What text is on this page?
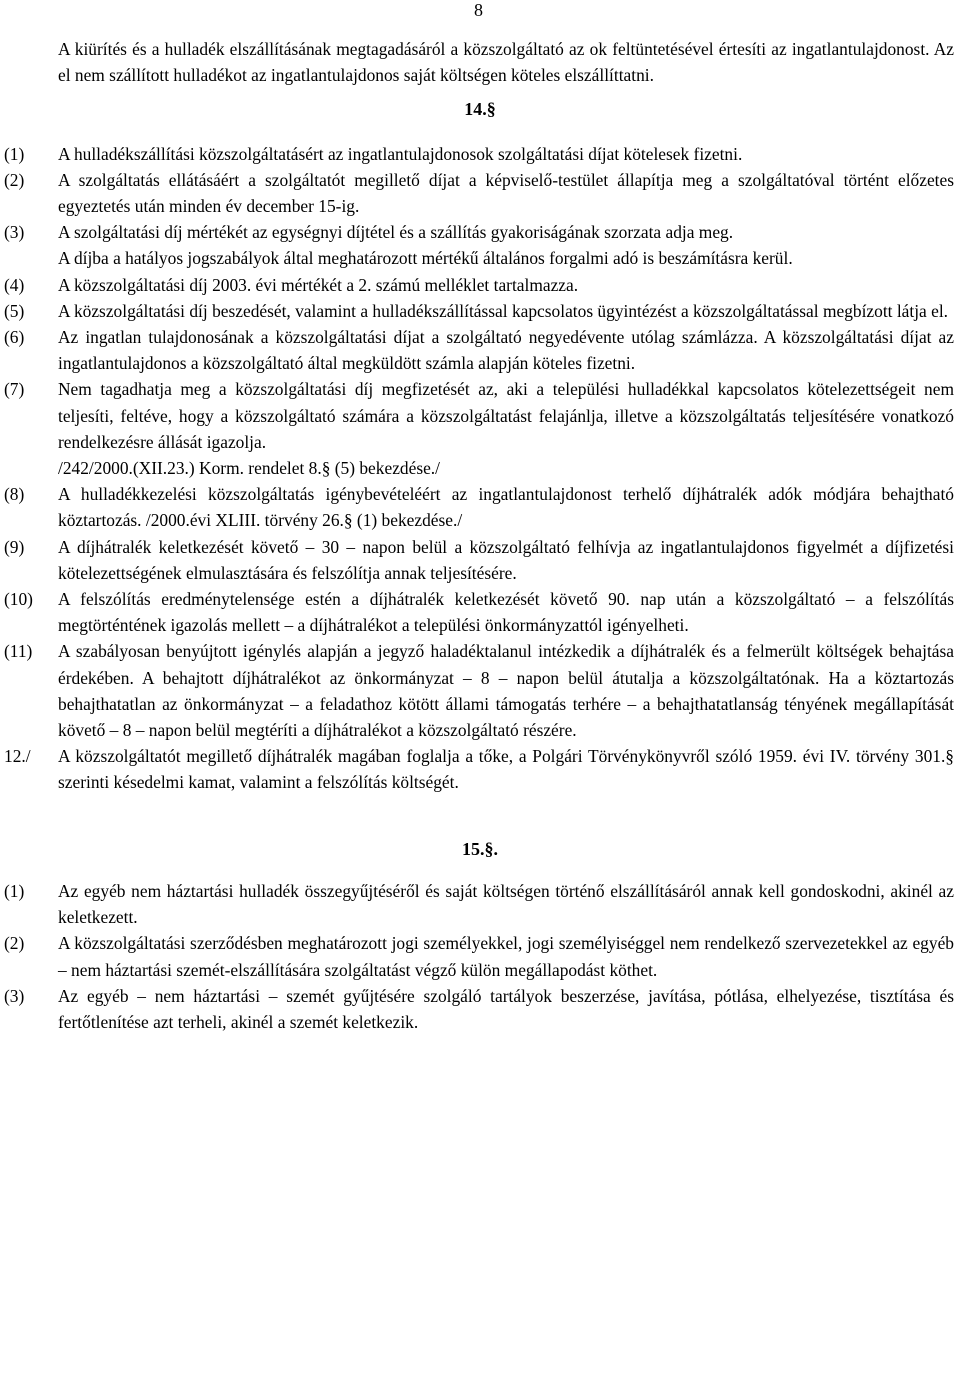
8

A kiürítés és a hulladék elszállításának megtagadásáról a közszolgáltató az ok feltüntetésével értesíti az ingatlantulajdonost. Az el nem szállított hulladékot az ingatlantulajdonos saját költségen köteles elszállíttatni.

14.§
(1)	A hulladékszállítási közszolgáltatásért az ingatlantulajdonosok szolgáltatási díjat kötelesek fizetni.
(2)	A szolgáltatás ellátásáért a szolgáltatót megillető díjat a képviselő-testület állapítja meg a szolgáltatóval történt előzetes egyeztetés után minden év december 15-ig.
(3)	A szolgáltatási díj mértékét az egységnyi díjtétel és a szállítás gyakoriságának szorzata adja meg.

A díjba a hatályos jogszabályok által meghatározott mértékű általános forgalmi adó is beszámításra kerül.

(4)	A közszolgáltatási díj 2003. évi mértékét a 2. számú melléklet tartalmazza.
(5)	A közszolgáltatási díj beszedését, valamint a hulladékszállítással kapcsolatos ügyintézést a közszolgáltatással megbízott látja el.
(6)	Az ingatlan tulajdonosának a közszolgáltatási díjat a szolgáltató negyedévente utólag számlázza. A közszolgáltatási díjat az ingatlantulajdonos a közszolgáltató által megküldött számla alapján köteles fizetni.
(7)	Nem tagadhatja meg a közszolgáltatási díj megfizetését az, aki a települési hulladékkal kapcsolatos kötelezettségeit nem teljesíti, feltéve, hogy a közszolgáltató számára a közszolgáltatást felajánlja, illetve a közszolgáltatás teljesítésére vonatkozó rendelkezésre állását igazolja.

/242/2000.(XII.23.) Korm. rendelet 8.§ (5) bekezdése./

(8)	A hulladékkezelési közszolgáltatás igénybevételéért az ingatlantulajdonost terhelő díjhátralék adók módjára behajtható köztartozás. /2000.évi XLIII. törvény 26.§ (1) bekezdése./
(9)	A díjhátralék keletkezését követő – 30 – napon belül a közszolgáltató felhívja az ingatlantulajdonos figyelmét a díjfizetési kötelezettségének elmulasztására és felszólítja annak teljesítésére.
(10)	A felszólítás eredménytelensége estén a díjhátralék keletkezését követő 90. nap után a közszolgáltató – a felszólítás megtörténtének igazolás mellett – a díjhátralékot a települési önkormányzattól igényelheti.
(11)	A szabályosan benyújtott igénylés alapján a jegyző haladéktalanul intézkedik a díjhátralék és a felmerült költségek behajtása érdekében. A behajtott díjhátralékot az önkormányzat – 8 – napon belül átutalja a közszolgáltatónak. Ha a köztartozás behajthatatlan az önkormányzat – a feladathoz kötött állami támogatás terhére – a behajthatatlanság tényének megállapítását követő – 8 – napon belül megtéríti a díjhátralékot a közszolgáltató részére.
12./	A közszolgáltatót megillető díjhátralék magában foglalja a tőke, a Polgári Törvénykönyvről szóló 1959. évi IV. törvény 301.§ szerinti késedelmi kamat, valamint a felszólítás költségét.
15.§.
(1)	Az egyéb nem háztartási hulladék összegyűjtéséről és saját költségen történő elszállításáról annak kell gondoskodni, akinél az keletkezett.
(2)	A közszolgáltatási szerződésben meghatározott jogi személyekkel, jogi személyiséggel nem rendelkező szervezetekkel az egyéb – nem háztartási szemét-elszállítására szolgáltatást végző külön megállapodást köthet.
(3)	Az egyéb – nem háztartási – szemét gyűjtésére szolgáló tartályok beszerzése, javítása, pótlása, elhelyezése, tisztítása és fertőtlenítése azt terheli, akinél a szemét keletkezik.
